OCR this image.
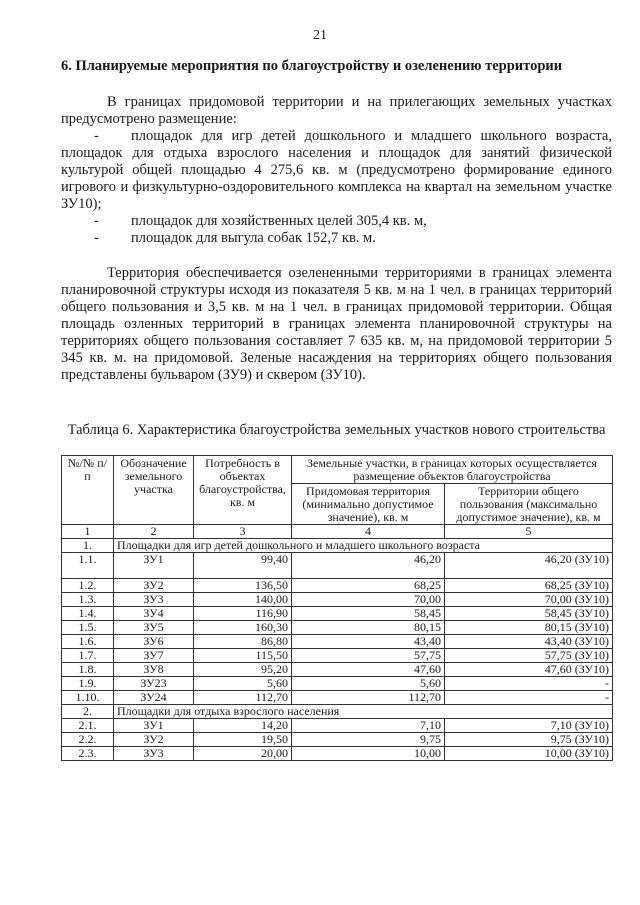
21
6. Планируемые мероприятия по благоустройству и озеленению территории

В границах придомовой территории и на прилегающих земельных участках предусмотрено размещение:

- площадок для игр детей дошкольного и младшего школьного возраста, площадок для отдыха взрослого населения и площадок для занятий физической культурой общей площадью 4 275,6 кв. м (предусмотрено формирование единого игрового и физкультурно-оздоровительного комплекса на квартал на земельном участке ЗУ10);

- площадок для хозяйственных целей 305,4 кв. м,

- площадок для выгула собак 152,7 кв. м.

Территория обеспечивается озелененными территориями в границах элемента планировочной структуры исходя из показателя 5 кв. м на 1 чел. в границах территорий общего пользования и 3,5 кв. м на 1 чел. в границах придомовой территории. Общая площадь озленных территорий в границах элемента планировочной структуры на территориях общего пользования составляет 7 635 кв. м, на придомовой территории 5 345 кв. м. на придомовой. Зеленые насаждения на территориях общего пользования представлены бульваром (ЗУ9) и сквером (ЗУ10).

Таблица 6. Характеристика благоустройства земельных участков нового строительства
№/№ п/п	Обозначение земельного участка	Потребность в объектах благоустройства, кв. м	Земельные участки, в границах которых осуществляется размещение объектов благоустройства	
			Придомовая территория (минимально допустимое значение), кв. м	Территории общего пользования (максимально допустимое значение), кв. м
1	2	3	4	5
1.	Площадки для игр детей дошкольного и младшего школьного возраста			
1.1.	ЗУ1	99,40	46,20	46,20 (ЗУ10)
1.2.	ЗУ2	136,50	68,25	68,25 (ЗУ10)
1.3.	ЗУ3	140,00	70,00	70,00 (ЗУ10)
1.4.	ЗУ4	116,90	58,45	58,45 (ЗУ10)
1.5.	ЗУ5	160,30	80,15	80,15 (ЗУ10)
1.6.	ЗУ6	86,80	43,40	43,40 (ЗУ10)
1.7.	ЗУ7	115,50	57,75	57,75 (ЗУ10)
1.8.	ЗУ8	95,20	47,60	47,60 (ЗУ10)
1.9.	ЗУ23	5,60	5,60	-
1.10.	ЗУ24	112,70	112,70	-
2.	Площадки для отдыха взрослого населения			
2.1.	ЗУ1	14,20	7,10	7,10 (ЗУ10)
2.2.	ЗУ2	19,50	9,75	9,75 (ЗУ10)
2.3.	ЗУ3	20,00	10,00	10,00 (ЗУ10)
